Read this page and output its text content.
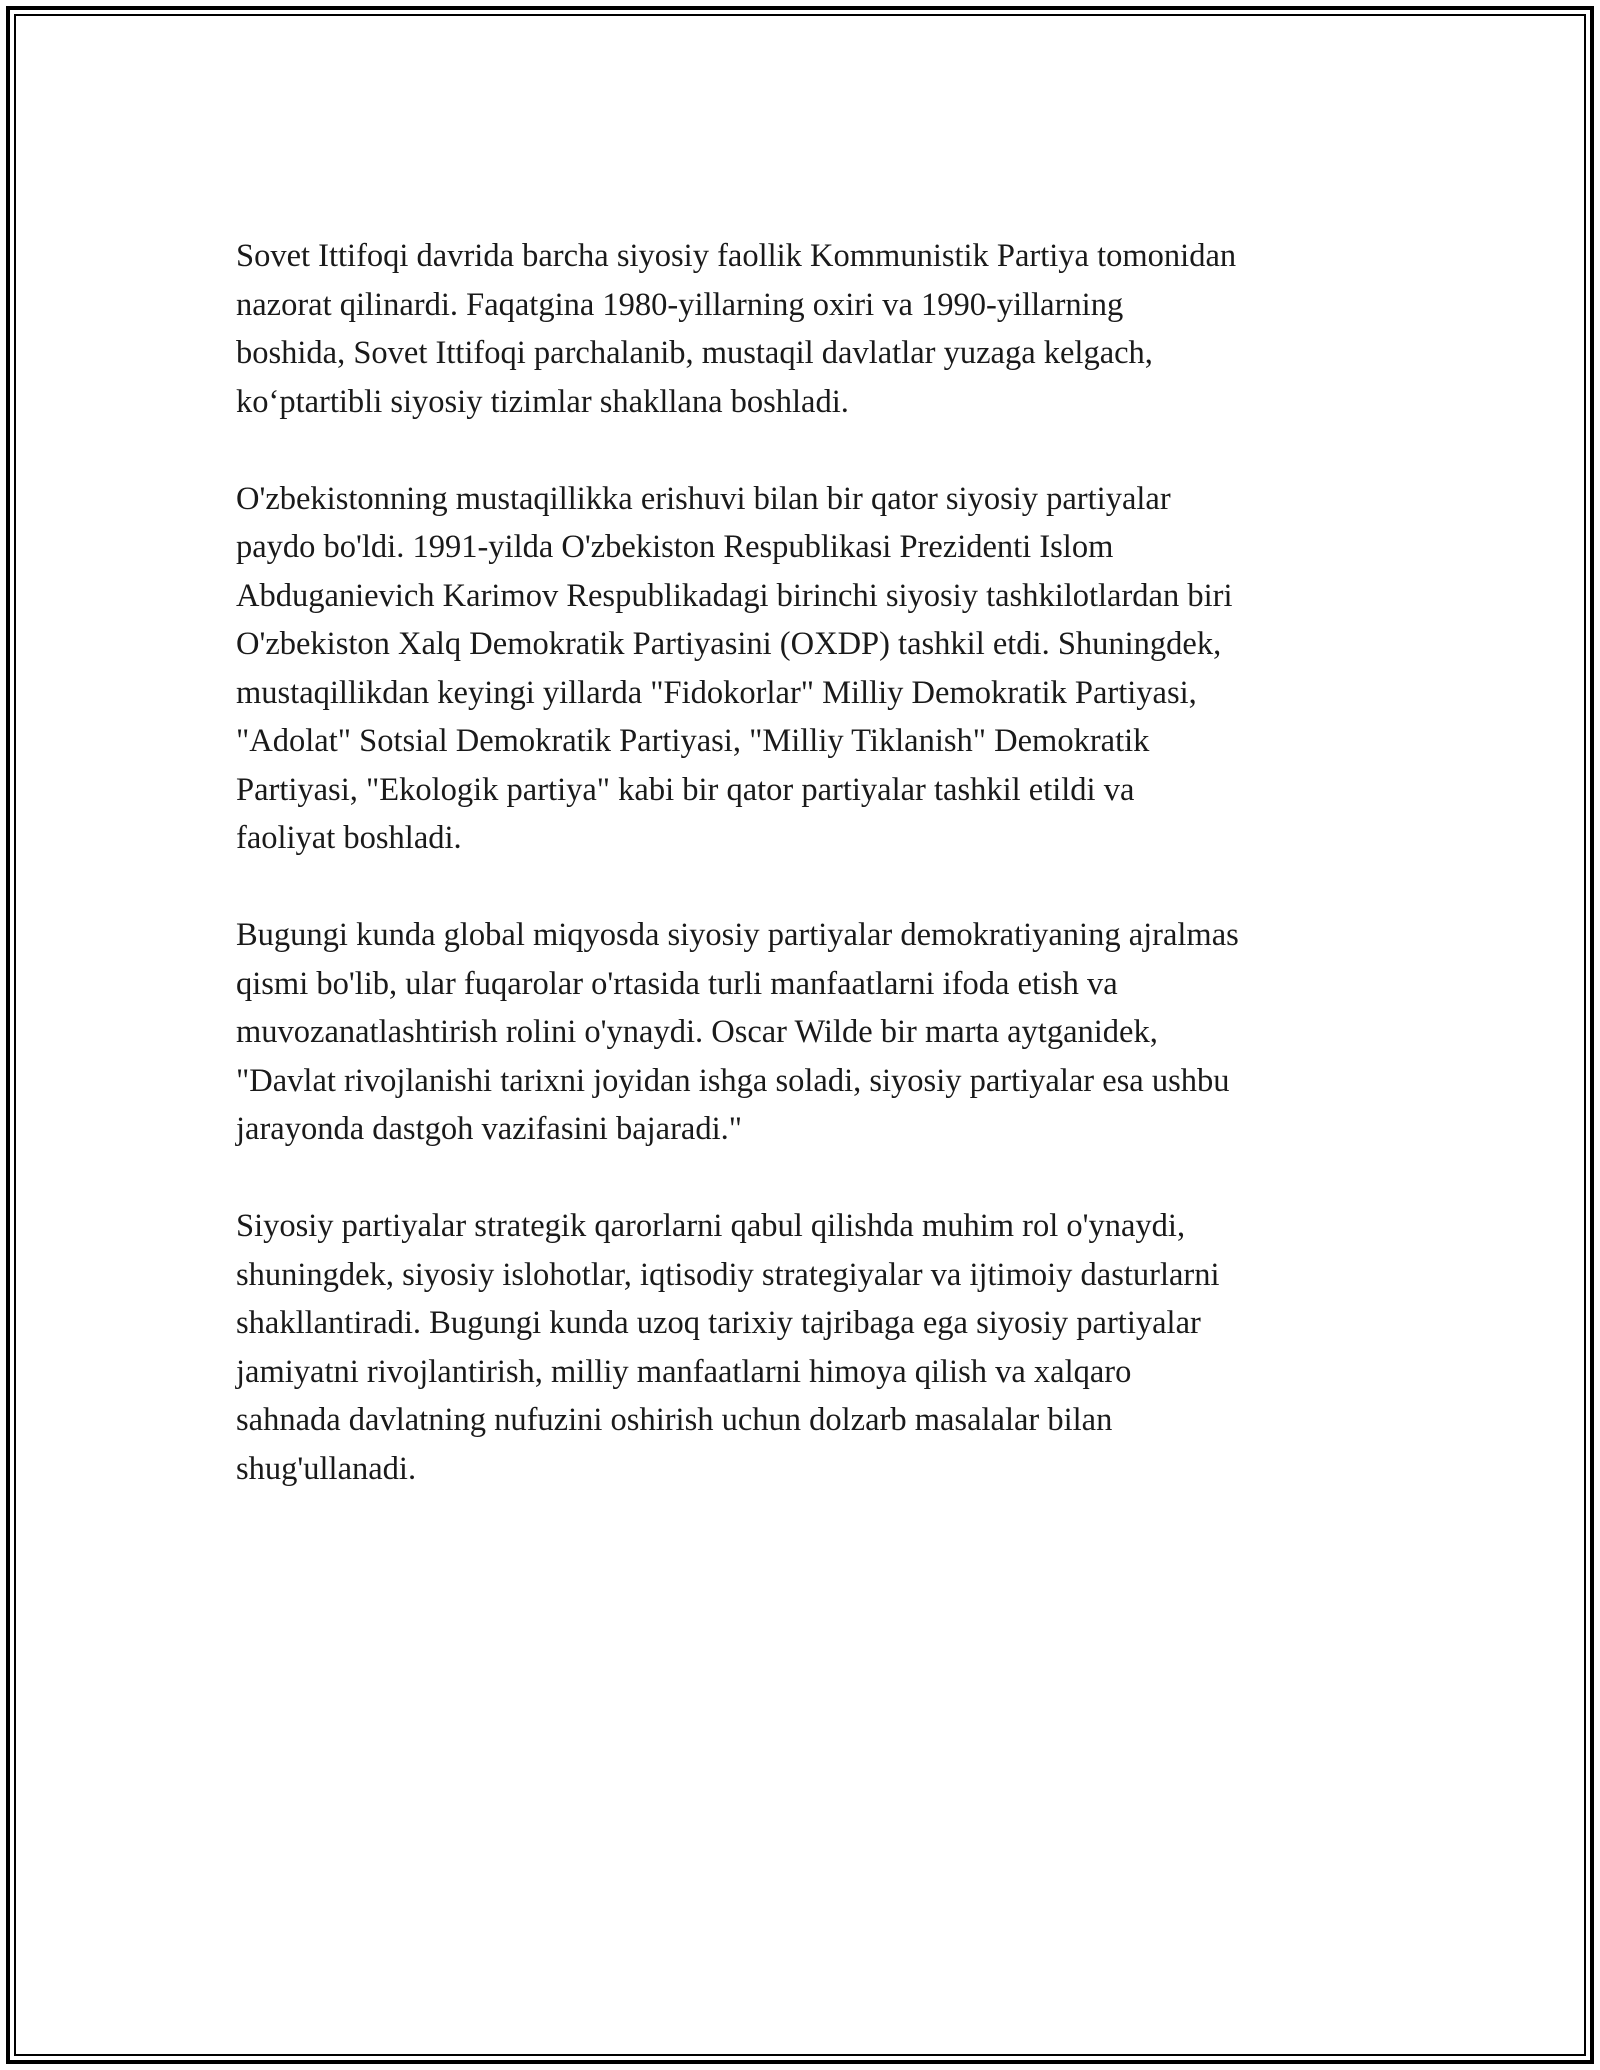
Sovet Ittifoqi davrida barcha siyosiy faollik Kommunistik Partiya tomonidan
nazorat qilinardi. Faqatgina 1980-yillarning oxiri va 1990-yillarning
boshida, Sovet Ittifoqi parchalanib, mustaqil davlatlar yuzaga kelgach,
ko‘ptartibli siyosiy tizimlar shakllana boshladi.

O'zbekistonning mustaqillikka erishuvi bilan bir qator siyosiy partiyalar
paydo bo'ldi. 1991-yilda O'zbekiston Respublikasi Prezidenti Islom
Abduganievich Karimov Respublikadagi birinchi siyosiy tashkilotlardan biri
O'zbekiston Xalq Demokratik Partiyasini (OXDP) tashkil etdi. Shuningdek,
mustaqillikdan keyingi yillarda "Fidokorlar" Milliy Demokratik Partiyasi,
"Adolat" Sotsial Demokratik Partiyasi, "Milliy Tiklanish" Demokratik
Partiyasi, "Ekologik partiya" kabi bir qator partiyalar tashkil etildi va
faoliyat boshladi.

Bugungi kunda global miqyosda siyosiy partiyalar demokratiyaning ajralmas
qismi bo'lib, ular fuqarolar o'rtasida turli manfaatlarni ifoda etish va
muvozanatlashtirish rolini o'ynaydi. Oscar Wilde bir marta aytganidek,
"Davlat rivojlanishi tarixni joyidan ishga soladi, siyosiy partiyalar esa ushbu
jarayonda dastgoh vazifasini bajaradi."

Siyosiy partiyalar strategik qarorlarni qabul qilishda muhim rol o'ynaydi,
shuningdek, siyosiy islohotlar, iqtisodiy strategiyalar va ijtimoiy dasturlarni
shakllantiradi. Bugungi kunda uzoq tarixiy tajribaga ega siyosiy partiyalar
jamiyatni rivojlantirish, milliy manfaatlarni himoya qilish va xalqaro
sahnada davlatning nufuzini oshirish uchun dolzarb masalalar bilan
shug'ullanadi.
